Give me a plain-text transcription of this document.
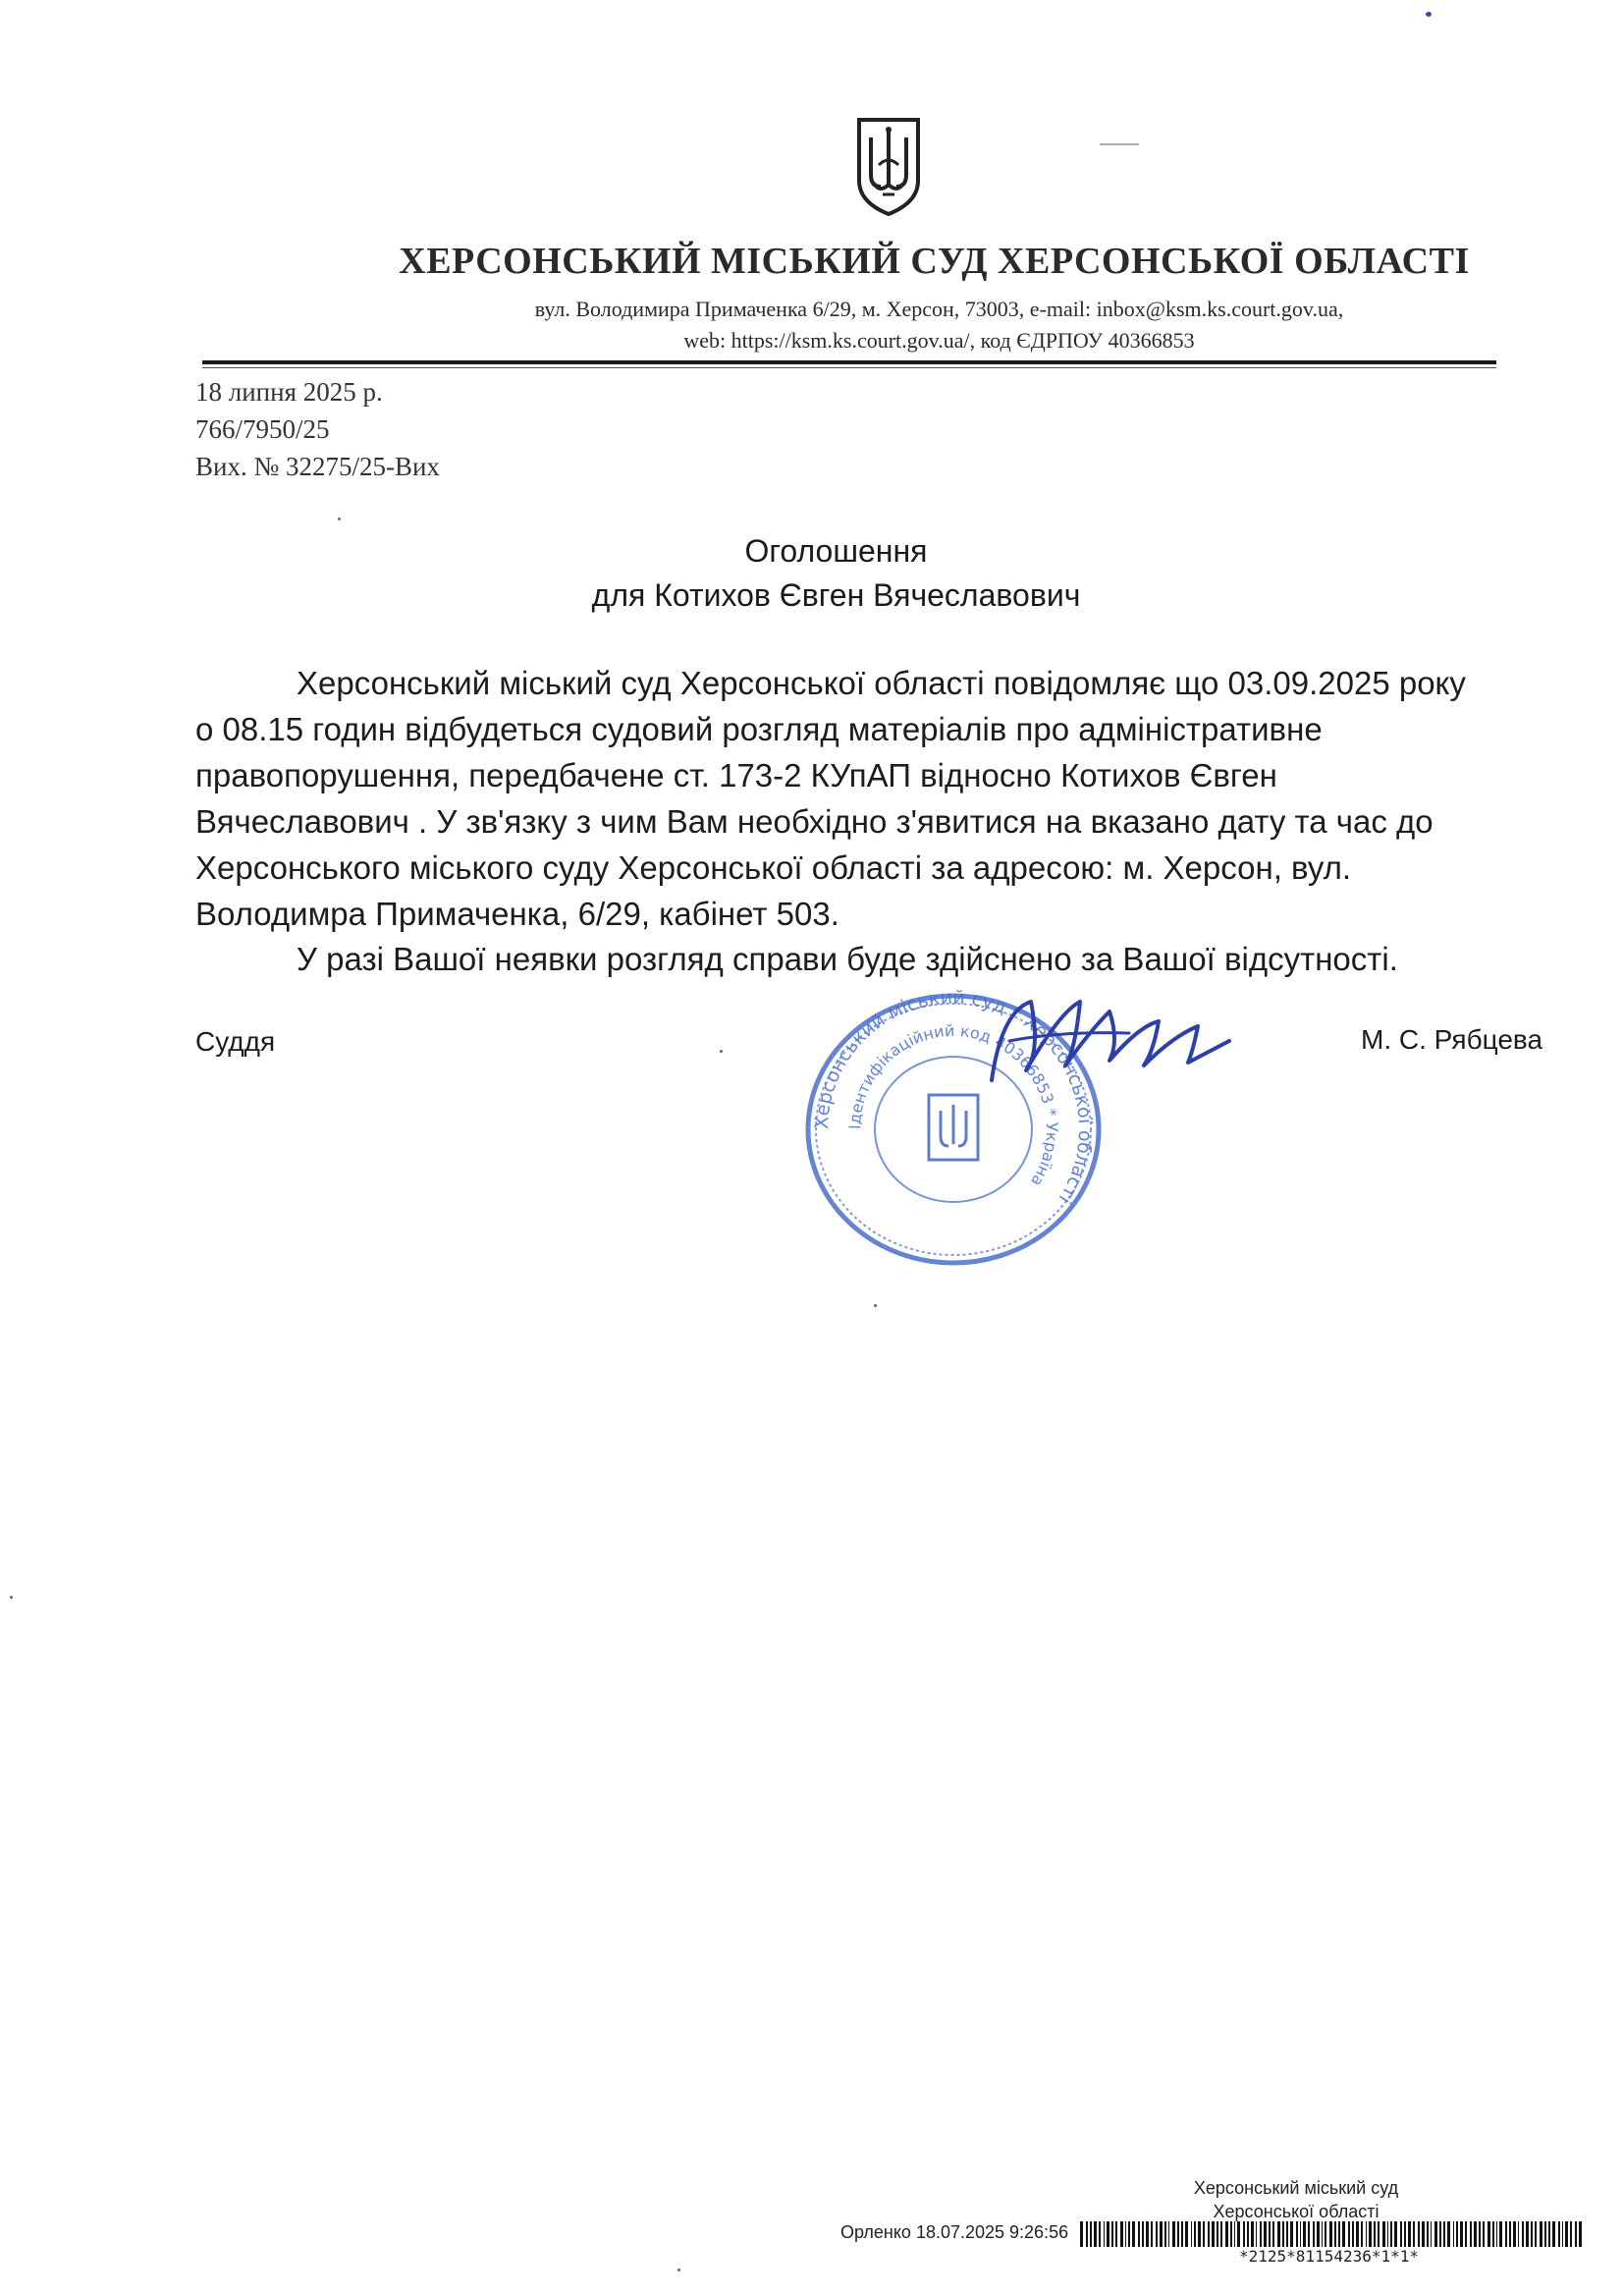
ХЕРСОНСЬКИЙ МІСЬКИЙ СУД ХЕРСОНСЬКОЇ ОБЛАСТІ
вул. Володимира Примаченка 6/29, м. Херсон, 73003, e-mail: inbox@ksm.ks.court.gov.ua,
web: https://ksm.ks.court.gov.ua/, код ЄДРПОУ 40366853
18 липня 2025 р.
766/7950/25
Вих. № 32275/25-Вих
Оголошення
для Котихов Євген Вячеславович
Херсонський міський суд Херсонської області повідомляє що 03.09.2025 року
о 08.15 годин відбудеться судовий розгляд матеріалів про адміністративне
правопорушення, передбачене ст. 173-2 КУпАП відносно Котихов Євген
Вячеславович . У зв'язку з чим Вам необхідно з'явитися на вказано дату та час до
Херсонського міського суду Херсонської області за адресою: м. Херсон, вул.
Володимра Примаченка, 6/29, кабінет 503.
У разі Вашої неявки розгляд справи буде здійснено за Вашої відсутності.
Суддя	М. С. Рябцева
Херсонський міський суд * Херсонської області
Ідентифікаційний код 40366853 * Україна
Херсонський міський суд
Херсонської області
Орленко 18.07.2025 9:26:56
*2125*81154236*1*1*
